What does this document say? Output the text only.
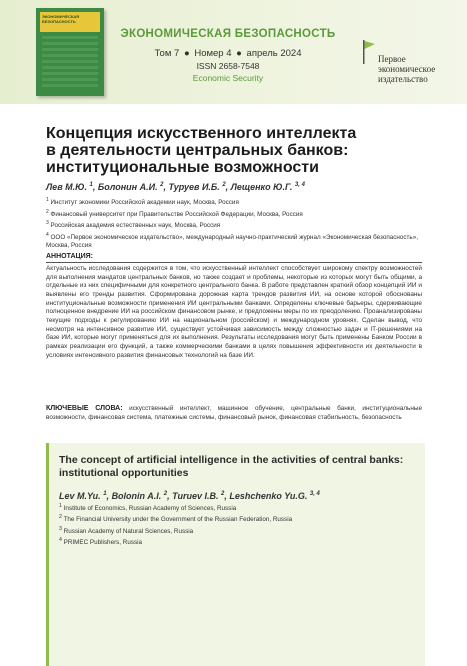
ЭКОНОМИЧЕСКАЯ БЕЗОПАСНОСТЬ
ЭКОНОМИЧЕСКАЯ БЕЗОПАСНОСТЬ
Том 7 ● Номер 4 ● апрель 2024
ISSN 2658-7548
Economic Security
Первое
экономическое
издательство
Концепция искусственного интеллекта
в деятельности центральных банков:
институциональные возможности
Лев М.Ю. $^1$, Болонин А.И. $^2$, Туруев И.Б. $^2$, Лещенко Ю.Г. $^{3, 4}$
$^1$ Институт экономики Российской академии наук, Москва, Россия
$^2$ Финансовый университет при Правительстве Российской Федерации, Москва, Россия
$^3$ Российская академия естественных наук, Москва, Россия
$^4$ ООО «Первое экономическое издательство», международный научно-практический журнал «Экономическая безопасность», Москва, Россия
АННОТАЦИЯ:
Актуальность исследования содержится в том, что искусственный интеллект способствует широкому спектру возможностей для выполнения мандатов центральных банков, но также создает и проблемы, некоторые из которых могут быть общими, а отдельные из них специфичными для конкретного центрального банка. В работе представлен краткий обзор концепций ИИ и выявлены его тренды развития. Сформирована дорожная карта трендов развития ИИ, на основе которой обоснованы институциональные возможности применения ИИ центральными банками. Определены ключевые барьеры, сдерживающие полноценное внедрение ИИ на российском финансовом рынке, и предложены меры по их преодолению. Проанализированы текущие подходы к регулированию ИИ на национальном (российском) и международном уровнях. Сделан вывод, что несмотря на интенсивное развитие ИИ, существует устойчивая зависимость между сложностью задач и IT-решениями на базе ИИ, которые могут применяться для их выполнения. Результаты исследования могут быть применены Банком России в рамках реализации его функций, а также коммерческими банками в целях повышения эффективности их деятельности в условиях интенсивного развития финансовых технологий на базе ИИ.
КЛЮЧЕВЫЕ СЛОВА: искусственный интеллект, машинное обучение, центральные банки, институциональные возможности, финансовая система, платежные системы, финансовый рынок, финансовая стабильность, безопасность
The concept of artificial intelligence in the activities of central banks:
institutional opportunities
Lev M.Yu. $^1$, Bolonin A.I. $^2$, Turuev I.B. $^2$, Leshchenko Yu.G. $^{3, 4}$
$^1$ Institute of Economics, Russian Academy of Sciences, Russia
$^2$ The Financial University under the Government of the Russian Federation, Russia
$^3$ Russian Academy of Natural Sciences, Russia
$^4$ PRIMEC Publishers, Russia
